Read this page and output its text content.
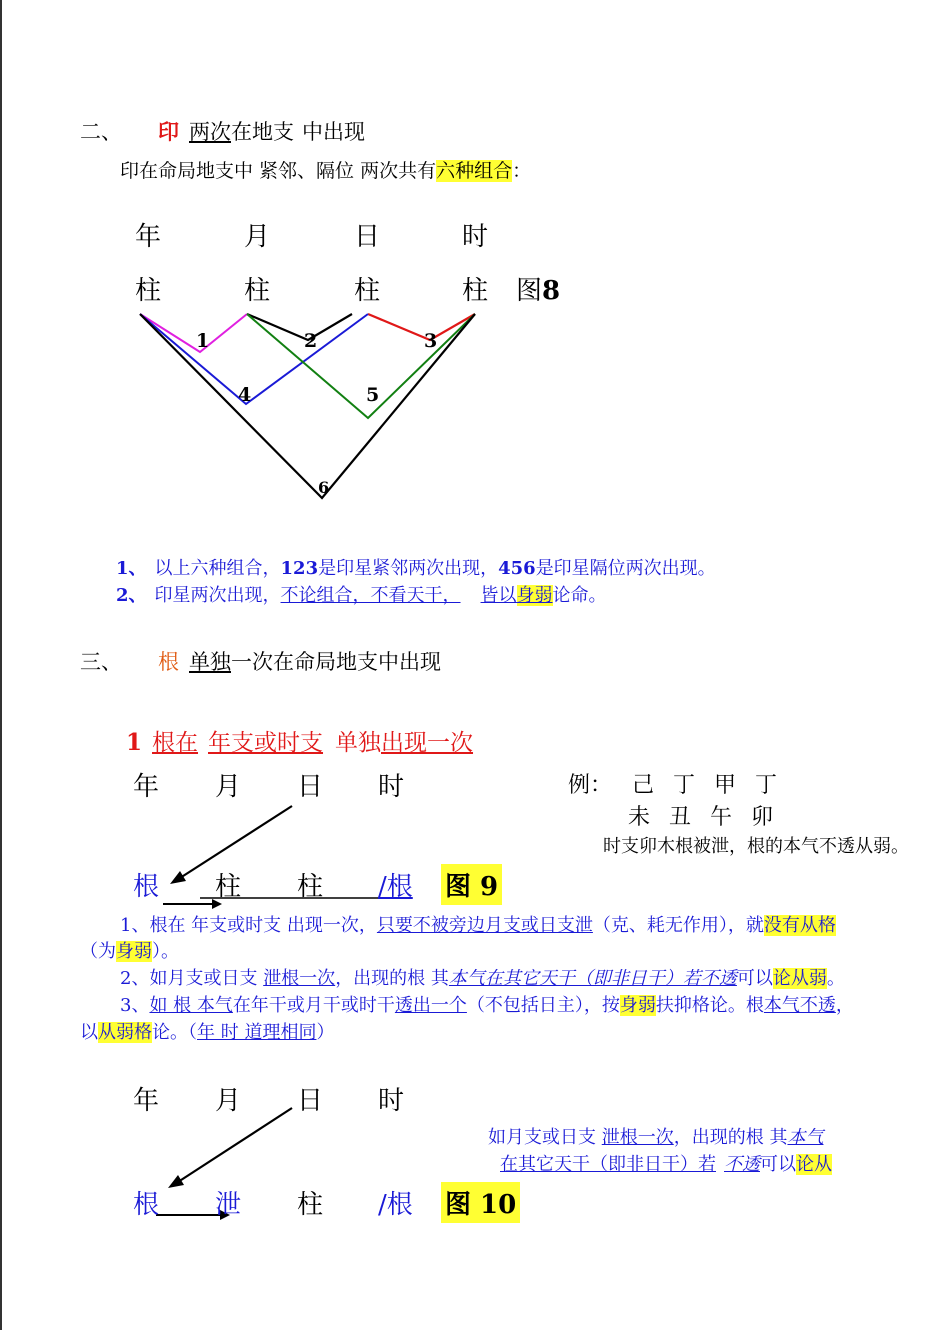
二、 印 两次在地支 中出现
印在命局地支中 紧邻、隔位 两次共有六种组合：
年	月	日	时
柱	柱	柱	柱 图8
1	2	3
4	5
6
1、 以上六种组合，123是印星紧邻两次出现，456是印星隔位两次出现。
2、 印星两次出现，不论组合，不看天干， 皆以身弱论命。
三、 根 单独一次在命局地支中出现
1 根在 年支或时支 单独出现一次
年 月 日 时	例： 己 丁 甲 丁
未 丑 午 卯
时支卯木根被泄，根的本气不透从弱。
根 柱 柱 /根 图 9
1、根在 年支或时支 出现一次，只要不被旁边月支或日支泄（克、耗无作用），就没有从格
（为身弱）。
2、如月支或日支 泄根一次，出现的根 其本气在其它天干（即非日干）若不透可以论从弱。
3、如 根 本气在年干或月干或时干透出一个（不包括日主），按身弱扶抑格论。根本气不透，
以从弱格论。（年 时 道理相同）
年 月 日 时
如月支或日支 泄根一次，出现的根 其本气
在其它天干（即非日干）若 不透可以论从
根 泄 柱 /根 图 10
